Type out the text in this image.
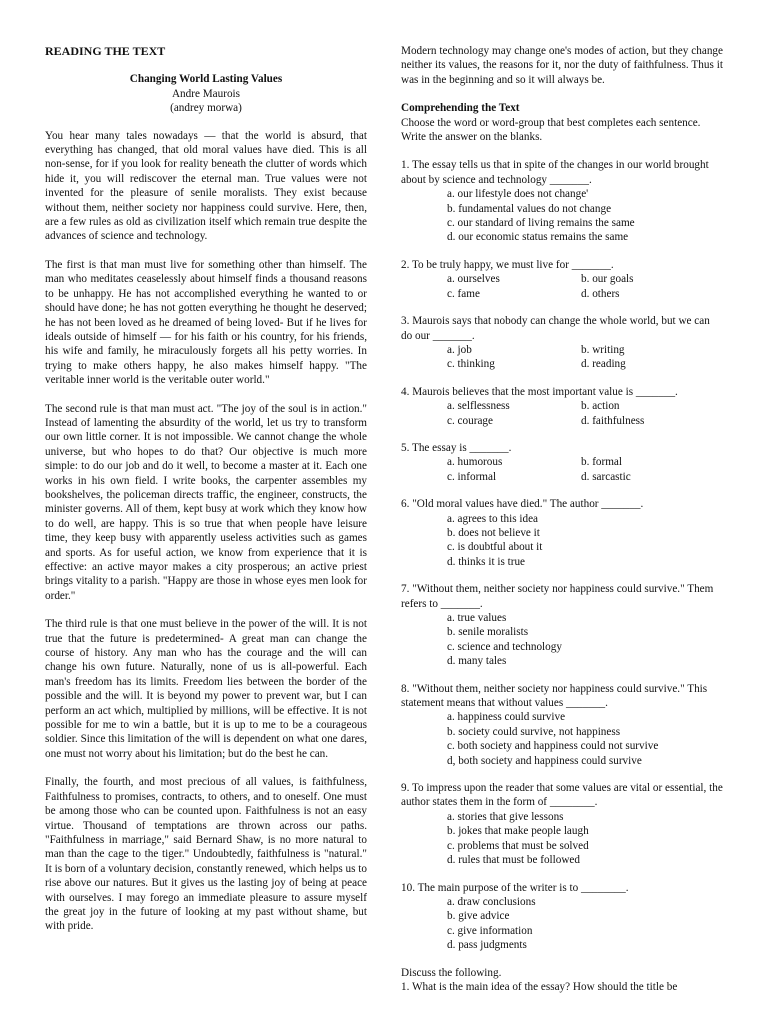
READING THE TEXT
Changing World Lasting Values
Andre Maurois
(andrey morwa)

You hear many tales nowadays — that the world is absurd, that everything has changed, that old moral values have died. This is all non-sense, for if you look for reality beneath the clutter of words which hide it, you will rediscover the eternal man. True values were not invented for the pleasure of senile moralists. They exist because without them, neither society nor happiness could survive. Here, then, are a few rules as old as civilization itself which remain true despite the advances of science and technology.

The first is that man must live for something other than himself. The man who meditates ceaselessly about himself finds a thousand reasons to be unhappy. He has not accomplished everything he wanted to or should have done; he has not gotten everything he thought he deserved; he has not been loved as he dreamed of being loved- But if he lives for ideals outside of himself — for his faith or his country, for his friends, his wife and family, he miraculously forgets all his petty worries. In trying to make others happy, he also makes himself happy. "The veritable inner world is the veritable outer world."

The second rule is that man must act. "The joy of the soul is in action." Instead of lamenting the absurdity of the world, let us try to transform our own little corner. It is not impossible. We cannot change the whole universe, but who hopes to do that? Our objective is much more simple: to do our job and do it well, to become a master at it. Each one works in his own field. I write books, the carpenter assembles my bookshelves, the policeman directs traffic, the engineer, constructs, the minister governs. All of them, kept busy at work which they know how to do well, are happy. This is so true that when people have leisure time, they keep busy with apparently useless activities such as games and sports. As for useful action, we know from experience that it is effective: an active mayor makes a city prosperous; an active priest brings vitality to a parish. "Happy are those in whose eyes men look for order."

The third rule is that one must believe in the power of the will. It is not true that the future is predetermined- A great man can change the course of history. Any man who has the courage and the will can change his own future. Naturally, none of us is all-powerful. Each man's freedom has its limits. Freedom lies between the border of the possible and the will. It is beyond my power to prevent war, but I can perform an act which, multiplied by millions, will be effective. It is not possible for me to win a battle, but it is up to me to be a courageous soldier. Since this limitation of the will is dependent on what one dares, one must not worry about his limitation; but do the best he can.

Finally, the fourth, and most precious of all values, is faithfulness, Faithfulness to promises, contracts, to others, and to oneself. One must be among those who can be counted upon. Faithfulness is not an easy virtue. Thousand of temptations are thrown across our paths. "Faithfulness in marriage," said Bernard Shaw, is no more natural to man than the cage to the tiger." Undoubtedly, faithfulness is "natural." It is born of a voluntary decision, constantly renewed, which helps us to rise above our natures. But it gives us the lasting joy of being at peace with ourselves. I may forego an immediate pleasure to assure myself the great joy in the future of looking at my past without shame, but with pride.

Modern technology may change one's modes of action, but they change neither its values, the reasons for it, nor the duty of faithfulness. Thus it was in the beginning and so it will always be.

Comprehending the Text
Choose the word or word-group that best completes each sentence. Write the answer on the blanks.

1. The essay tells us that in spite of the changes in our world brought about by science and technology _______.

a. our lifestyle does not change'
b. fundamental values do not change
c. our standard of living remains the same
d. our economic status remains the same

2. To be truly happy, we must live for _______.

a. ourselves	b. our goals
c. fame	d. others

3. Maurois says that nobody can change the whole world, but we can do our _______.

a. job	b. writing
c. thinking	d. reading

4. Maurois believes that the most important value is _______.

a. selflessness	b. action
c. courage	d. faithfulness

5. The essay is _______.

a. humorous	b. formal
c. informal	d. sarcastic

6. "Old moral values have died." The author _______.

a. agrees to this idea
b. does not believe it
c. is doubtful about it
d. thinks it is true

7. "Without them, neither society nor happiness could survive." Them refers to _______.

a. true values
b. senile moralists
c. science and technology
d. many tales

8. "Without them, neither society nor happiness could survive." This statement means that without values _______.

a. happiness could survive
b. society could survive, not happiness
c. both society and happiness could not survive
d, both society and happiness could survive

9. To impress upon the reader that some values are vital or essential, the author states them in the form of ________.

a. stories that give lessons
b. jokes that make people laugh
c. problems that must be solved
d. rules that must be followed

10. The main purpose of the writer is to ________.

a. draw conclusions
b. give advice
c. give information
d. pass judgments

Discuss the following.

1. What is the main idea of the essay? How should the title be
